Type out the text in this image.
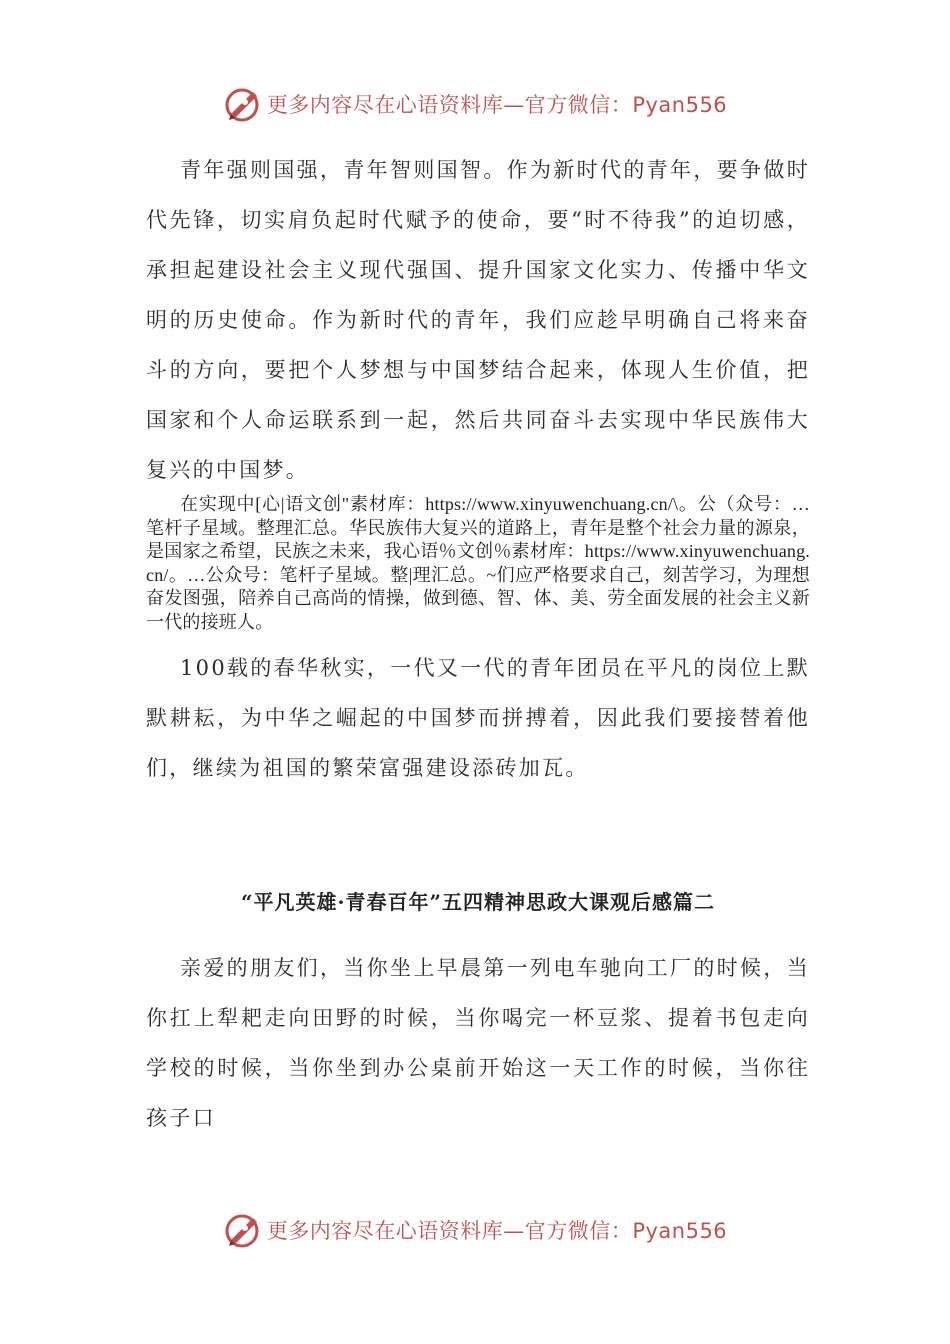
更多内容尽在心语资料库—官方微信：Pyan556

青年强则国强，青年智则国智。作为新时代的青年，要争做时代先锋，切实肩负起时代赋予的使命，要“时不待我”的迫切感，承担起建设社会主义现代强国、提升国家文化实力、传播中华文明的历史使命。作为新时代的青年，我们应趁早明确自己将来奋斗的方向，要把个人梦想与中国梦结合起来，体现人生价值，把国家和个人命运联系到一起，然后共同奋斗去实现中华民族伟大复兴的中国梦。

在实现中[心|语文创"素材库：https://www.xinyuwenchuang.cn/\。公（众号：…笔杆子星域。整理汇总。华民族伟大复兴的道路上，青年是整个社会力量的源泉，是国家之希望，民族之未来，我心语％文创％素材库：https://www.xinyuwenchuang.cn/。…公众号：笔杆子星域。整|理汇总。~们应严格要求自己，刻苦学习，为理想奋发图强，陪养自己高尚的情操，做到德、智、体、美、劳全面发展的社会主义新一代的接班人。

100载的春华秋实，一代又一代的青年团员在平凡的岗位上默默耕耘，为中华之崛起的中国梦而拼搏着，因此我们要接替着他们，继续为祖国的繁荣富强建设添砖加瓦。

“平凡英雄·青春百年”五四精神思政大课观后感篇二

亲爱的朋友们，当你坐上早晨第一列电车驰向工厂的时候，当你扛上犁耙走向田野的时候，当你喝完一杯豆浆、提着书包走向学校的时候，当你坐到办公桌前开始这一天工作的时候，当你往孩子口

更多内容尽在心语资料库—官方微信：Pyan556
